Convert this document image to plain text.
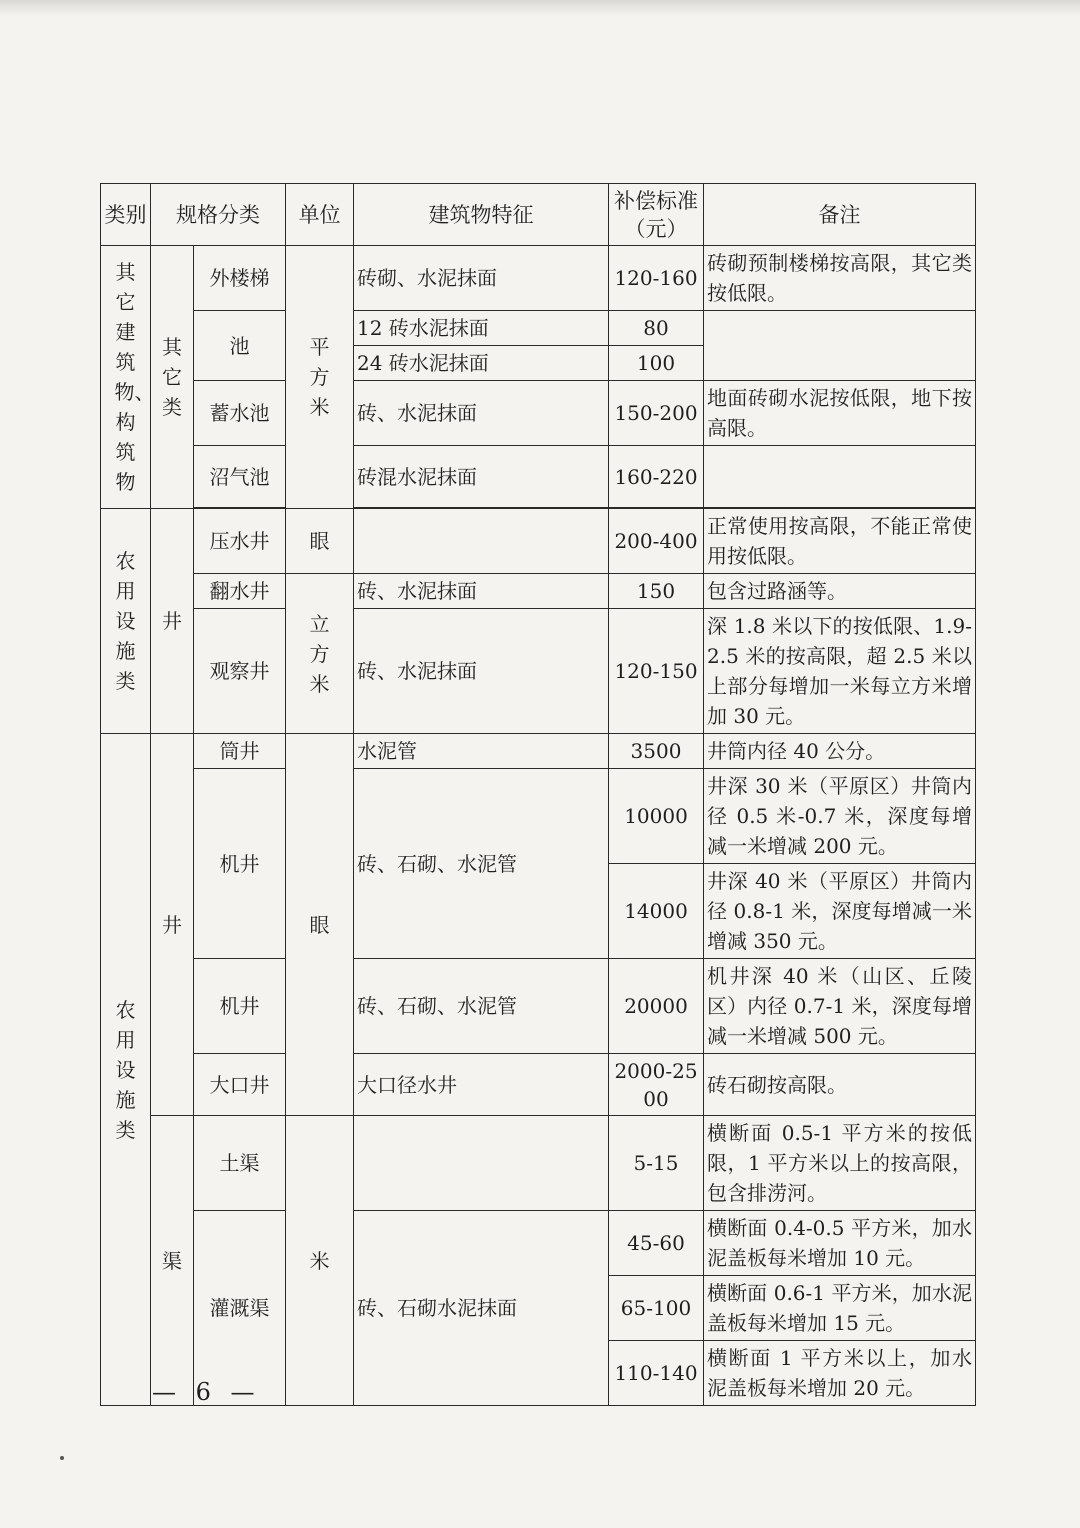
类别	规格分类		单位	建筑物特征	补偿标准（元）	备注

其它建筑物、构筑物	其它类	外楼梯	平方米	砖砌、水泥抹面	120-160	砖砌预制楼梯按高限，其它类按低限。
		池		12 砖水泥抹面	80	
				24 砖水泥抹面	100	
		蓄水池		砖、水泥抹面	150-200	地面砖砌水泥按低限，地下按高限。
		沼气池		砖混水泥抹面	160-220	

农用设施类	井	压水井	眼		200-400	正常使用按高限，不能正常使用按低限。
		翻水井	立方米	砖、水泥抹面	150	包含过路涵等。
		观察井		砖、水泥抹面	120-150	深 1.8 米以下的按低限、1.9-2.5 米的按高限，超 2.5 米以上部分每增加一米每立方米增加 30 元。

农用设施类	井	筒井	眼	水泥管	3500	井筒内径 40 公分。
		机井		砖、石砌、水泥管	10000	井深 30 米（平原区）井筒内径 0.5 米-0.7 米，深度每增减一米增减 200 元。
					14000	井深 40 米（平原区）井筒内径 0.8-1 米，深度每增减一米增减 350 元。
		机井		砖、石砌、水泥管	20000	机井深 40 米（山区、丘陵区）内径 0.7-1 米，深度每增减一米增减 500 元。
		大口井		大口径水井	2000-2500	砖石砌按高限。
	渠	土渠	米		5-15	横断面 0.5-1 平方米的按低限，1 平方米以上的按高限，包含排涝河。
		灌溉渠		砖、石砌水泥抹面	45-60	横断面 0.4-0.5 平方米，加水泥盖板每米增加 10 元。
					65-100	横断面 0.6-1 平方米，加水泥盖板每米增加 15 元。
					110-140	横断面 1 平方米以上，加水泥盖板每米增加 20 元。
— 6 —
